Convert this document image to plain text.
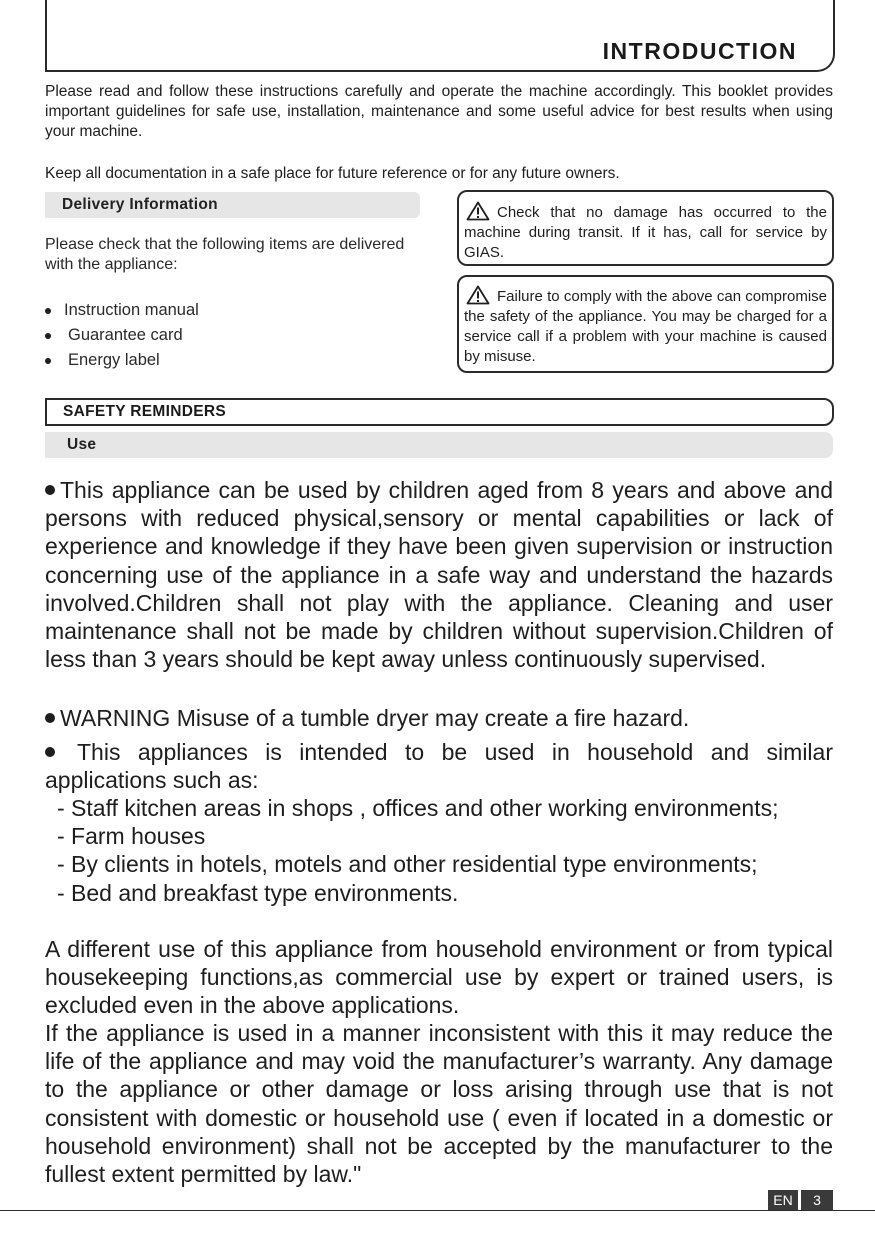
INTRODUCTION

Please read and follow these instructions carefully and operate the machine accordingly. This booklet provides important guidelines for safe use, installation, maintenance and some useful advice for best results when using your machine.

Keep all documentation in a safe place for future reference or for any future owners.

Delivery Information

Please check that the following items are delivered with the appliance:

Instruction manual
Guarantee card
Energy label
Check that no damage has occurred to the machine during transit. If it has, call for service by GIAS.
Failure to comply with the above can compromise the safety of the appliance. You may be charged for a service call if a problem with your machine is caused by misuse.
SAFETY REMINDERS
Use

This appliance can be used by children aged from 8 years and above and persons with reduced physical,sensory or mental capabilities or lack of experience and knowledge if they have been given supervision or instruction concerning use of the appliance in a safe way and understand the hazards involved.Children shall not play with the appliance. Cleaning and user maintenance shall not be made by children without supervision.Children of less than 3 years should be kept away unless continuously supervised.

WARNING Misuse of a tumble dryer may create a fire hazard.

This appliances is intended to be used in household and similar applications such as:

- Staff kitchen areas in shops , offices and other working environments;
- Farm houses
- By clients in hotels, motels and other residential type environments;
- Bed and breakfast type environments.

A different use of this appliance from household environment or from typical housekeeping functions,as commercial use by expert or trained users, is excluded even in the above applications.

If the appliance is used in a manner inconsistent with this it may reduce the life of the appliance and may void the manufacturer’s warranty. Any damage to the appliance or other damage or loss arising through use that is not consistent with domestic or household use ( even if located in a domestic or household environment) shall not be accepted by the manufacturer to the fullest extent permitted by law."

EN	3
